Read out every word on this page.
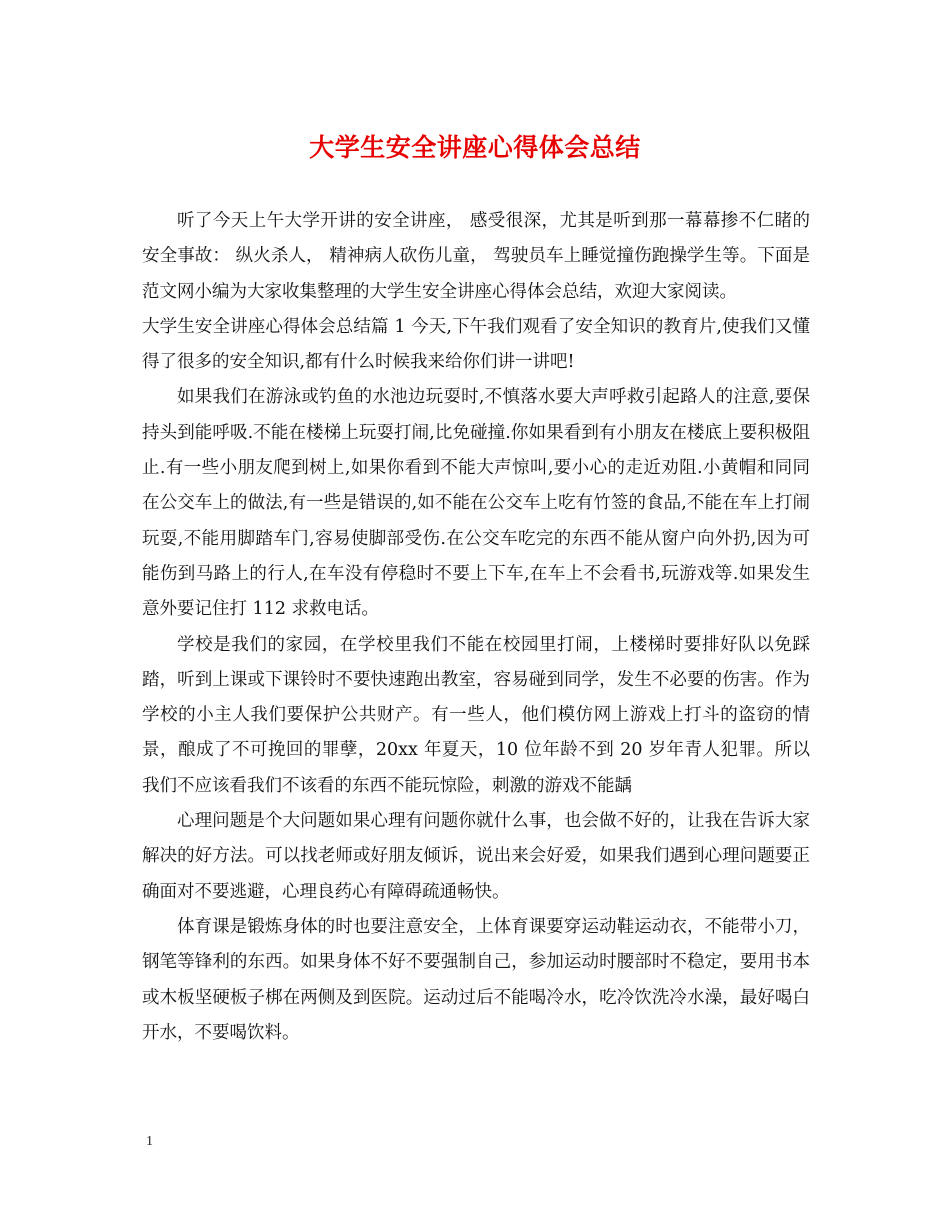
大学生安全讲座心得体会总结

听了今天上午大学开讲的安全讲座， 感受很深，尤其是听到那一幕幕掺不仁睹的安全事故： 纵火杀人， 精神病人砍伤儿童， 驾驶员车上睡觉撞伤跑操学生等。下面是范文网小编为大家收集整理的大学生安全讲座心得体会总结，欢迎大家阅读。

大学生安全讲座心得体会总结篇 1 今天,下午我们观看了安全知识的教育片,使我们又懂得了很多的安全知识,都有什么时候我来给你们讲一讲吧!

如果我们在游泳或钓鱼的水池边玩耍时,不慎落水要大声呼救引起路人的注意,要保持头到能呼吸.不能在楼梯上玩耍打闹,比免碰撞.你如果看到有小朋友在楼底上要积极阻止.有一些小朋友爬到树上,如果你看到不能大声惊叫,要小心的走近劝阻.小黄帽和同同在公交车上的做法,有一些是错误的,如不能在公交车上吃有竹签的食品,不能在车上打闹玩耍,不能用脚踏车门,容易使脚部受伤.在公交车吃完的东西不能从窗户向外扔,因为可能伤到马路上的行人,在车没有停稳时不要上下车,在车上不会看书,玩游戏等.如果发生意外要记住打 112 求救电话。

学校是我们的家园，在学校里我们不能在校园里打闹，上楼梯时要排好队以免踩踏，听到上课或下课铃时不要快速跑出教室，容易碰到同学，发生不必要的伤害。作为学校的小主人我们要保护公共财产。有一些人，他们模仿网上游戏上打斗的盗窃的情景，酿成了不可挽回的罪孽，20xx 年夏天，10 位年龄不到 20 岁年青人犯罪。所以我们不应该看我们不该看的东西不能玩惊险，刺激的游戏不能龋

心理问题是个大问题如果心理有问题你就什么事，也会做不好的，让我在告诉大家解决的好方法。可以找老师或好朋友倾诉，说出来会好爱，如果我们遇到心理问题要正确面对不要逃避，心理良药心有障碍疏通畅快。

体育课是锻炼身体的时也要注意安全，上体育课要穿运动鞋运动衣，不能带小刀，钢笔等锋利的东西。如果身体不好不要强制自己，参加运动时腰部时不稳定，要用书本或木板坚硬板子梆在两侧及到医院。运动过后不能喝冷水，吃冷饮洗冷水澡，最好喝白开水，不要喝饮料。

1
